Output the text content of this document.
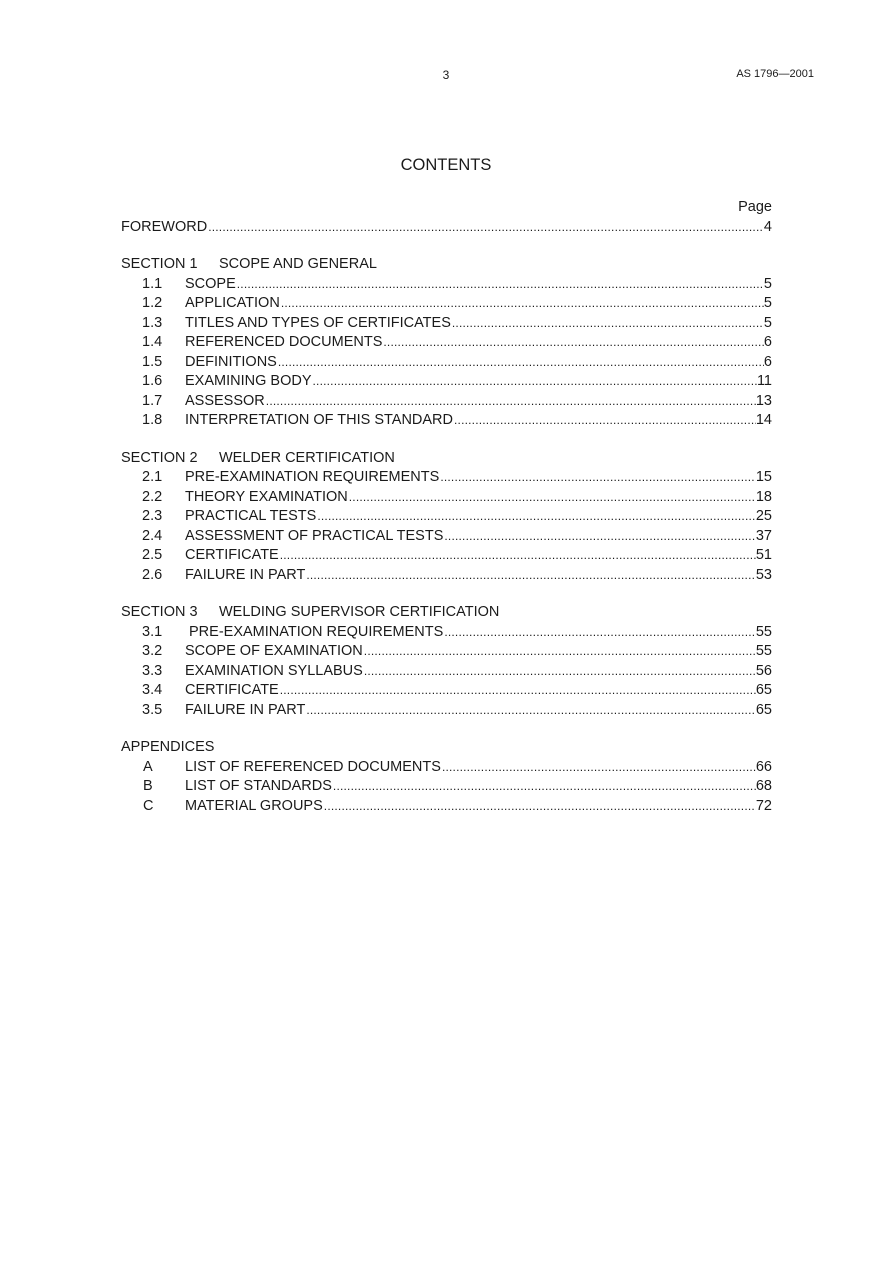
3	AS 1796—2001
CONTENTS
Page
FOREWORD .....	4
SECTION 1 SCOPE AND GENERAL
1.1	SCOPE .....	5
1.2	APPLICATION .....	5
1.3	TITLES AND TYPES OF CERTIFICATES .....	5
1.4	REFERENCED DOCUMENTS .....	6
1.5	DEFINITIONS .....	6
1.6	EXAMINING BODY .....	11
1.7	ASSESSOR .....	13
1.8	INTERPRETATION OF THIS STANDARD .....	14
SECTION 2 WELDER CERTIFICATION
2.1	PRE-EXAMINATION REQUIREMENTS .....	15
2.2	THEORY EXAMINATION .....	18
2.3	PRACTICAL TESTS .....	25
2.4	ASSESSMENT OF PRACTICAL TESTS .....	37
2.5	CERTIFICATE .....	51
2.6	FAILURE IN PART .....	53
SECTION 3 WELDING SUPERVISOR CERTIFICATION
3.1	PRE-EXAMINATION REQUIREMENTS .....	55
3.2	SCOPE OF EXAMINATION .....	55
3.3	EXAMINATION SYLLABUS .....	56
3.4	CERTIFICATE .....	65
3.5	FAILURE IN PART .....	65
APPENDICES
A	LIST OF REFERENCED DOCUMENTS .....	66
B	LIST OF STANDARDS .....	68
C	MATERIAL GROUPS .....	72
